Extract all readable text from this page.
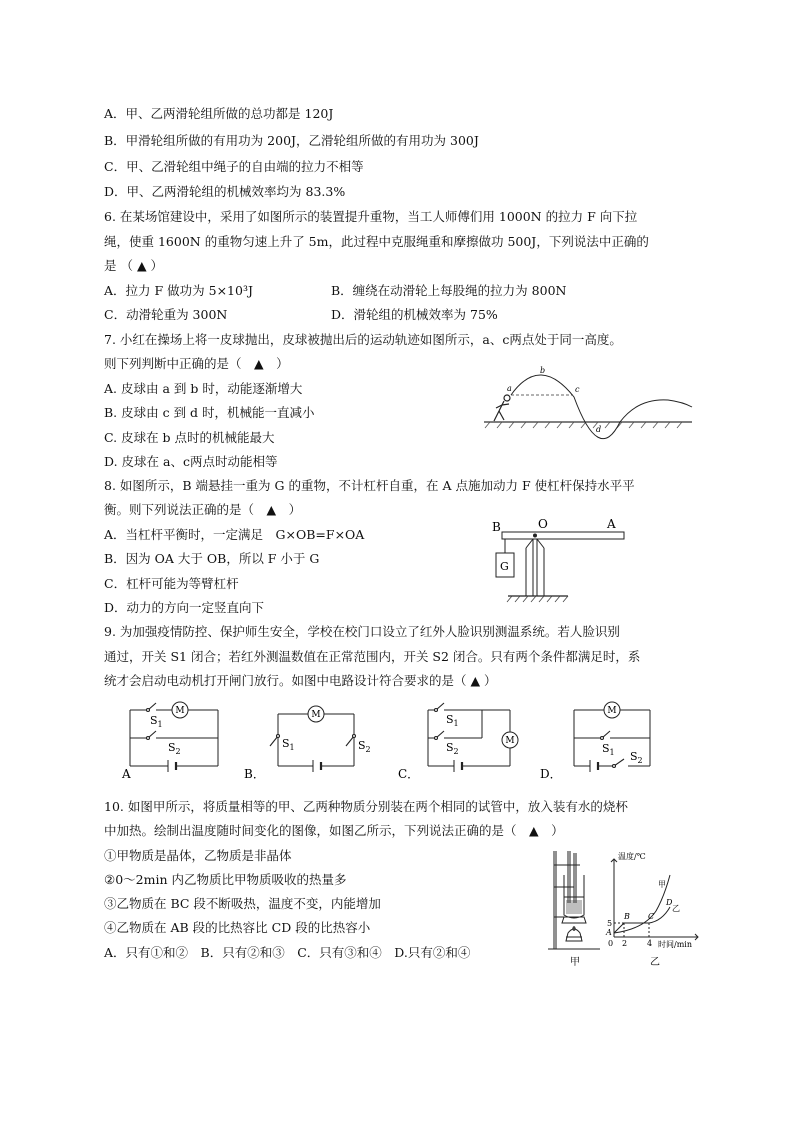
A．甲、乙两滑轮组所做的总功都是 120J
B．甲滑轮组所做的有用功为 200J，乙滑轮组所做的有用功为 300J
C．甲、乙滑轮组中绳子的自由端的拉力不相等
D．甲、乙两滑轮组的机械效率均为 83.3%
6. 在某场馆建设中，采用了如图所示的装置提升重物，当工人师傅们用 1000N 的拉力 F 向下拉
绳，使重 1600N 的重物匀速上升了 5m，此过程中克服绳重和摩擦做功 500J，下列说法中正确的
是 （ ▲ ）
A．拉力 F 做功为 5×10³J	B．缠绕在动滑轮上每股绳的拉力为 800N
C．动滑轮重为 300N	D．滑轮组的机械效率为 75%
7. 小红在操场上将一皮球抛出，皮球被抛出后的运动轨迹如图所示，a、c两点处于同一高度。
则下列判断中正确的是（　▲　）
A. 皮球由 a 到 b 时，动能逐渐增大
B. 皮球由 c 到 d 时，机械能一直减小
C. 皮球在 b 点时的机械能最大
D. 皮球在 a、c两点时动能相等
a
b
c
d
8. 如图所示，B 端悬挂一重为 G 的重物，不计杠杆自重，在 A 点施加动力 F 使杠杆保持水平平
衡。则下列说法正确的是（　▲　）
A．当杠杆平衡时，一定满足　G×OB=F×OA
B．因为 OA 大于 OB，所以 F 小于 G
C．杠杆可能为等臂杠杆
D．动力的方向一定竖直向下
G
B	O	A
9. 为加强疫情防控、保护师生安全，学校在校门口设立了红外人脸识别测温系统。若人脸识别
通过，开关 S1 闭合；若红外测温数值在正常范围内，开关 S2 闭合。只有两个条件都满足时，系
统才会启动电动机打开闸门放行。如图中电路设计符合要求的是（ ▲ ）
M	M
M
M
$S_1$
$S_2$
$S_1$	$S_2$
$S_1$
$S_2$	$S_1$ $S_2$
A	B．	C．	D．
10. 如图甲所示，将质量相等的甲、乙两种物质分别装在两个相同的试管中，放入装有水的烧杯
中加热。绘制出温度随时间变化的图像，如图乙所示，下列说法正确的是（　▲　）
①甲物质是晶体，乙物质是非晶体
②0～2min 内乙物质比甲物质吸收的热量多
③乙物质在 BC 段不断吸热，温度不变，内能增加
④乙物质在 AB 段的比热容比 CD 段的比热容小
A．只有①和②　B．只有②和③　C．只有③和④　D.只有②和④
甲
温度/℃
时间/min
甲
乙
A
B C
D
0 2 4
5
乙
